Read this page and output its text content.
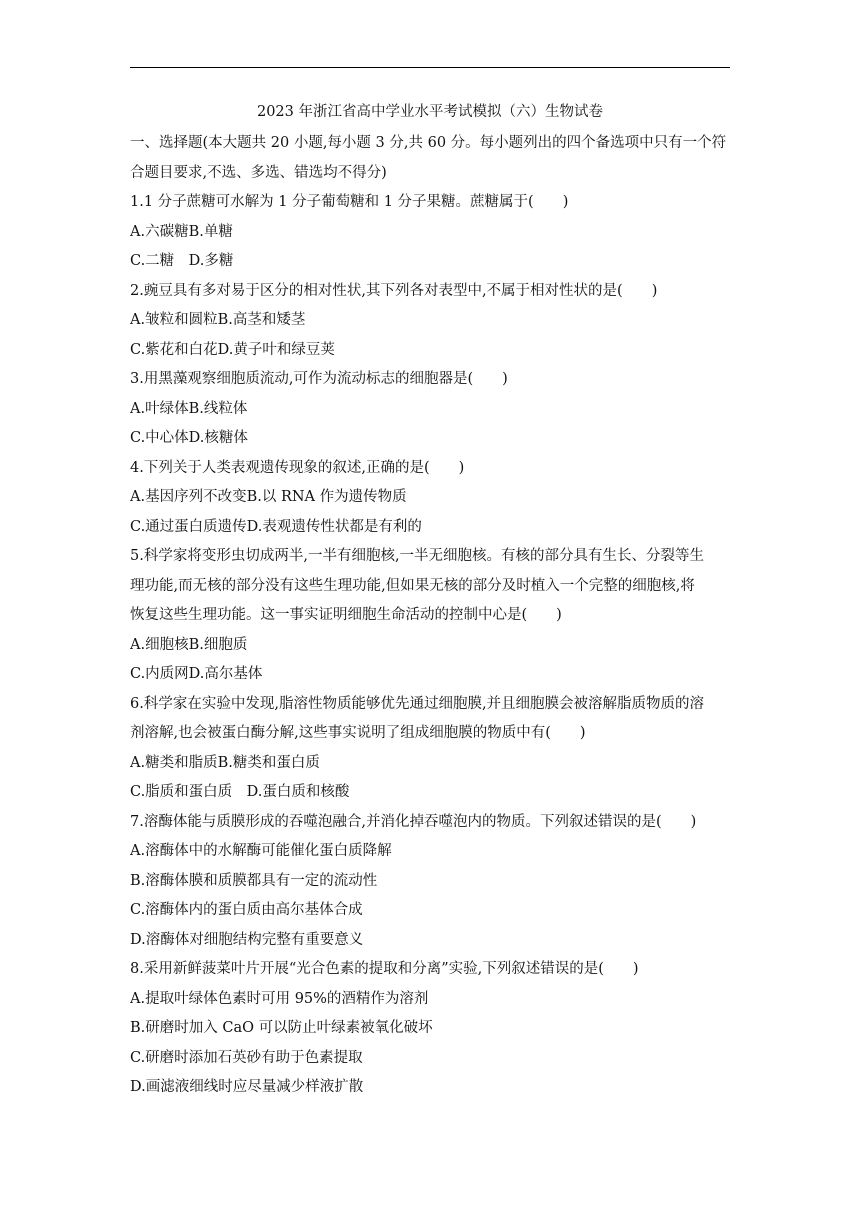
2023 年浙江省高中学业水平考试模拟（六）生物试卷
一、选择题(本大题共 20 小题,每小题 3 分,共 60 分。每小题列出的四个备选项中只有一个符
合题目要求,不选、多选、错选均不得分)
1.1 分子蔗糖可水解为 1 分子葡萄糖和 1 分子果糖。蔗糖属于(　　)
A.六碳糖B.单糖
C.二糖　D.多糖
2.豌豆具有多对易于区分的相对性状,其下列各对表型中,不属于相对性状的是(　　)
A.皱粒和圆粒B.高茎和矮茎
C.紫花和白花D.黄子叶和绿豆荚
3.用黑藻观察细胞质流动,可作为流动标志的细胞器是(　　)
A.叶绿体B.线粒体
C.中心体D.核糖体
4.下列关于人类表观遗传现象的叙述,正确的是(　　)
A.基因序列不改变B.以 RNA 作为遗传物质
C.通过蛋白质遗传D.表观遗传性状都是有利的
5.科学家将变形虫切成两半,一半有细胞核,一半无细胞核。有核的部分具有生长、分裂等生
理功能,而无核的部分没有这些生理功能,但如果无核的部分及时植入一个完整的细胞核,将
恢复这些生理功能。这一事实证明细胞生命活动的控制中心是(　　)
A.细胞核B.细胞质
C.内质网D.高尔基体
6.科学家在实验中发现,脂溶性物质能够优先通过细胞膜,并且细胞膜会被溶解脂质物质的溶
剂溶解,也会被蛋白酶分解,这些事实说明了组成细胞膜的物质中有(　　)
A.糖类和脂质B.糖类和蛋白质
C.脂质和蛋白质　D.蛋白质和核酸
7.溶酶体能与质膜形成的吞噬泡融合,并消化掉吞噬泡内的物质。下列叙述错误的是(　　)
A.溶酶体中的水解酶可能催化蛋白质降解
B.溶酶体膜和质膜都具有一定的流动性
C.溶酶体内的蛋白质由高尔基体合成
D.溶酶体对细胞结构完整有重要意义
8.采用新鲜菠菜叶片开展“光合色素的提取和分离”实验,下列叙述错误的是(　　)
A.提取叶绿体色素时可用 95%的酒精作为溶剂
B.研磨时加入 CaO 可以防止叶绿素被氧化破坏
C.研磨时添加石英砂有助于色素提取
D.画滤液细线时应尽量减少样液扩散
